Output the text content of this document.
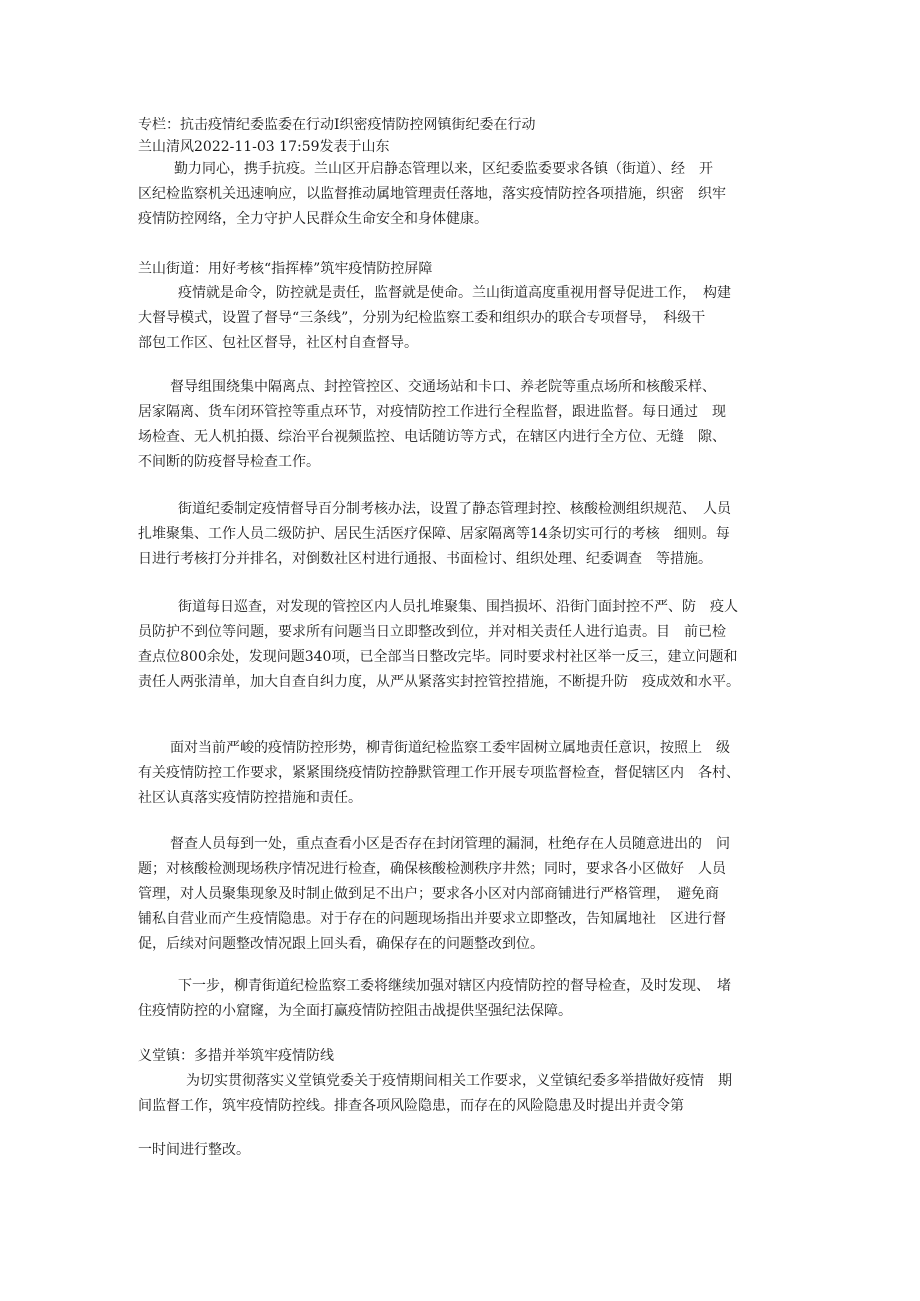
专栏：抗击疫情纪委监委在行动I织密疫情防控网镇街纪委在行动

兰山清风2022-11-03 17:59发表于山东

勤力同心，携手抗疫。兰山区开启静态管理以来，区纪委监委要求各镇（街道）、经　开

区纪检监察机关迅速响应，以监督推动属地管理责任落地，落实疫情防控各项措施，织密　织牢

疫情防控网络，全力守护人民群众生命安全和身体健康。

兰山街道：用好考核“指挥棒”筑牢疫情防控屏障

疫情就是命令，防控就是责任，监督就是使命。兰山街道高度重视用督导促进工作，　构建

大督导模式，设置了督导“三条线”，分别为纪检监察工委和组织办的联合专项督导，　科级干

部包工作区、包社区督导，社区村自查督导。

督导组围绕集中隔离点、封控管控区、交通场站和卡口、养老院等重点场所和核酸采样、

居家隔离、货车闭环管控等重点环节，对疫情防控工作进行全程监督，跟进监督。每日通过　现

场检查、无人机拍摄、综治平台视频监控、电话随访等方式，在辖区内进行全方位、无缝　隙、

不间断的防疫督导检查工作。

街道纪委制定疫情督导百分制考核办法，设置了静态管理封控、核酸检测组织规范、　人员

扎堆聚集、工作人员二级防护、居民生活医疗保障、居家隔离等14条切实可行的考核　细则。每

日进行考核打分并排名，对倒数社区村进行通报、书面检讨、组织处理、纪委调查　等措施。

街道每日巡查，对发现的管控区内人员扎堆聚集、围挡损坏、沿街门面封控不严、防　疫人

员防护不到位等问题，要求所有问题当日立即整改到位，并对相关责任人进行追责。目　前已检

查点位800余处，发现问题340项，已全部当日整改完毕。同时要求村社区举一反三，建立问题和

责任人两张清单，加大自查自纠力度，从严从紧落实封控管控措施，不断提升防　疫成效和水平。

面对当前严峻的疫情防控形势，柳青街道纪检监察工委牢固树立属地责任意识，按照上　级

有关疫情防控工作要求，紧紧围绕疫情防控静默管理工作开展专项监督检查，督促辖区内　各村、

社区认真落实疫情防控措施和责任。

督查人员每到一处，重点查看小区是否存在封闭管理的漏洞，杜绝存在人员随意进出的　问

题；对核酸检测现场秩序情况进行检查，确保核酸检测秩序井然；同时，要求各小区做好　人员

管理，对人员聚集现象及时制止做到足不出户；要求各小区对内部商铺进行严格管理，　避免商

铺私自营业而产生疫情隐患。对于存在的问题现场指出并要求立即整改，告知属地社　区进行督

促，后续对问题整改情况跟上回头看，确保存在的问题整改到位。

下一步，柳青街道纪检监察工委将继续加强对辖区内疫情防控的督导检查，及时发现、　堵

住疫情防控的小窟窿，为全面打赢疫情防控阻击战提供坚强纪法保障。

义堂镇：多措并举筑牢疫情防线

为切实贯彻落实义堂镇党委关于疫情期间相关工作要求，义堂镇纪委多举措做好疫情　期

间监督工作，筑牢疫情防控线。排查各项风险隐患，而存在的风险隐患及时提出并责令第

一时间进行整改。
